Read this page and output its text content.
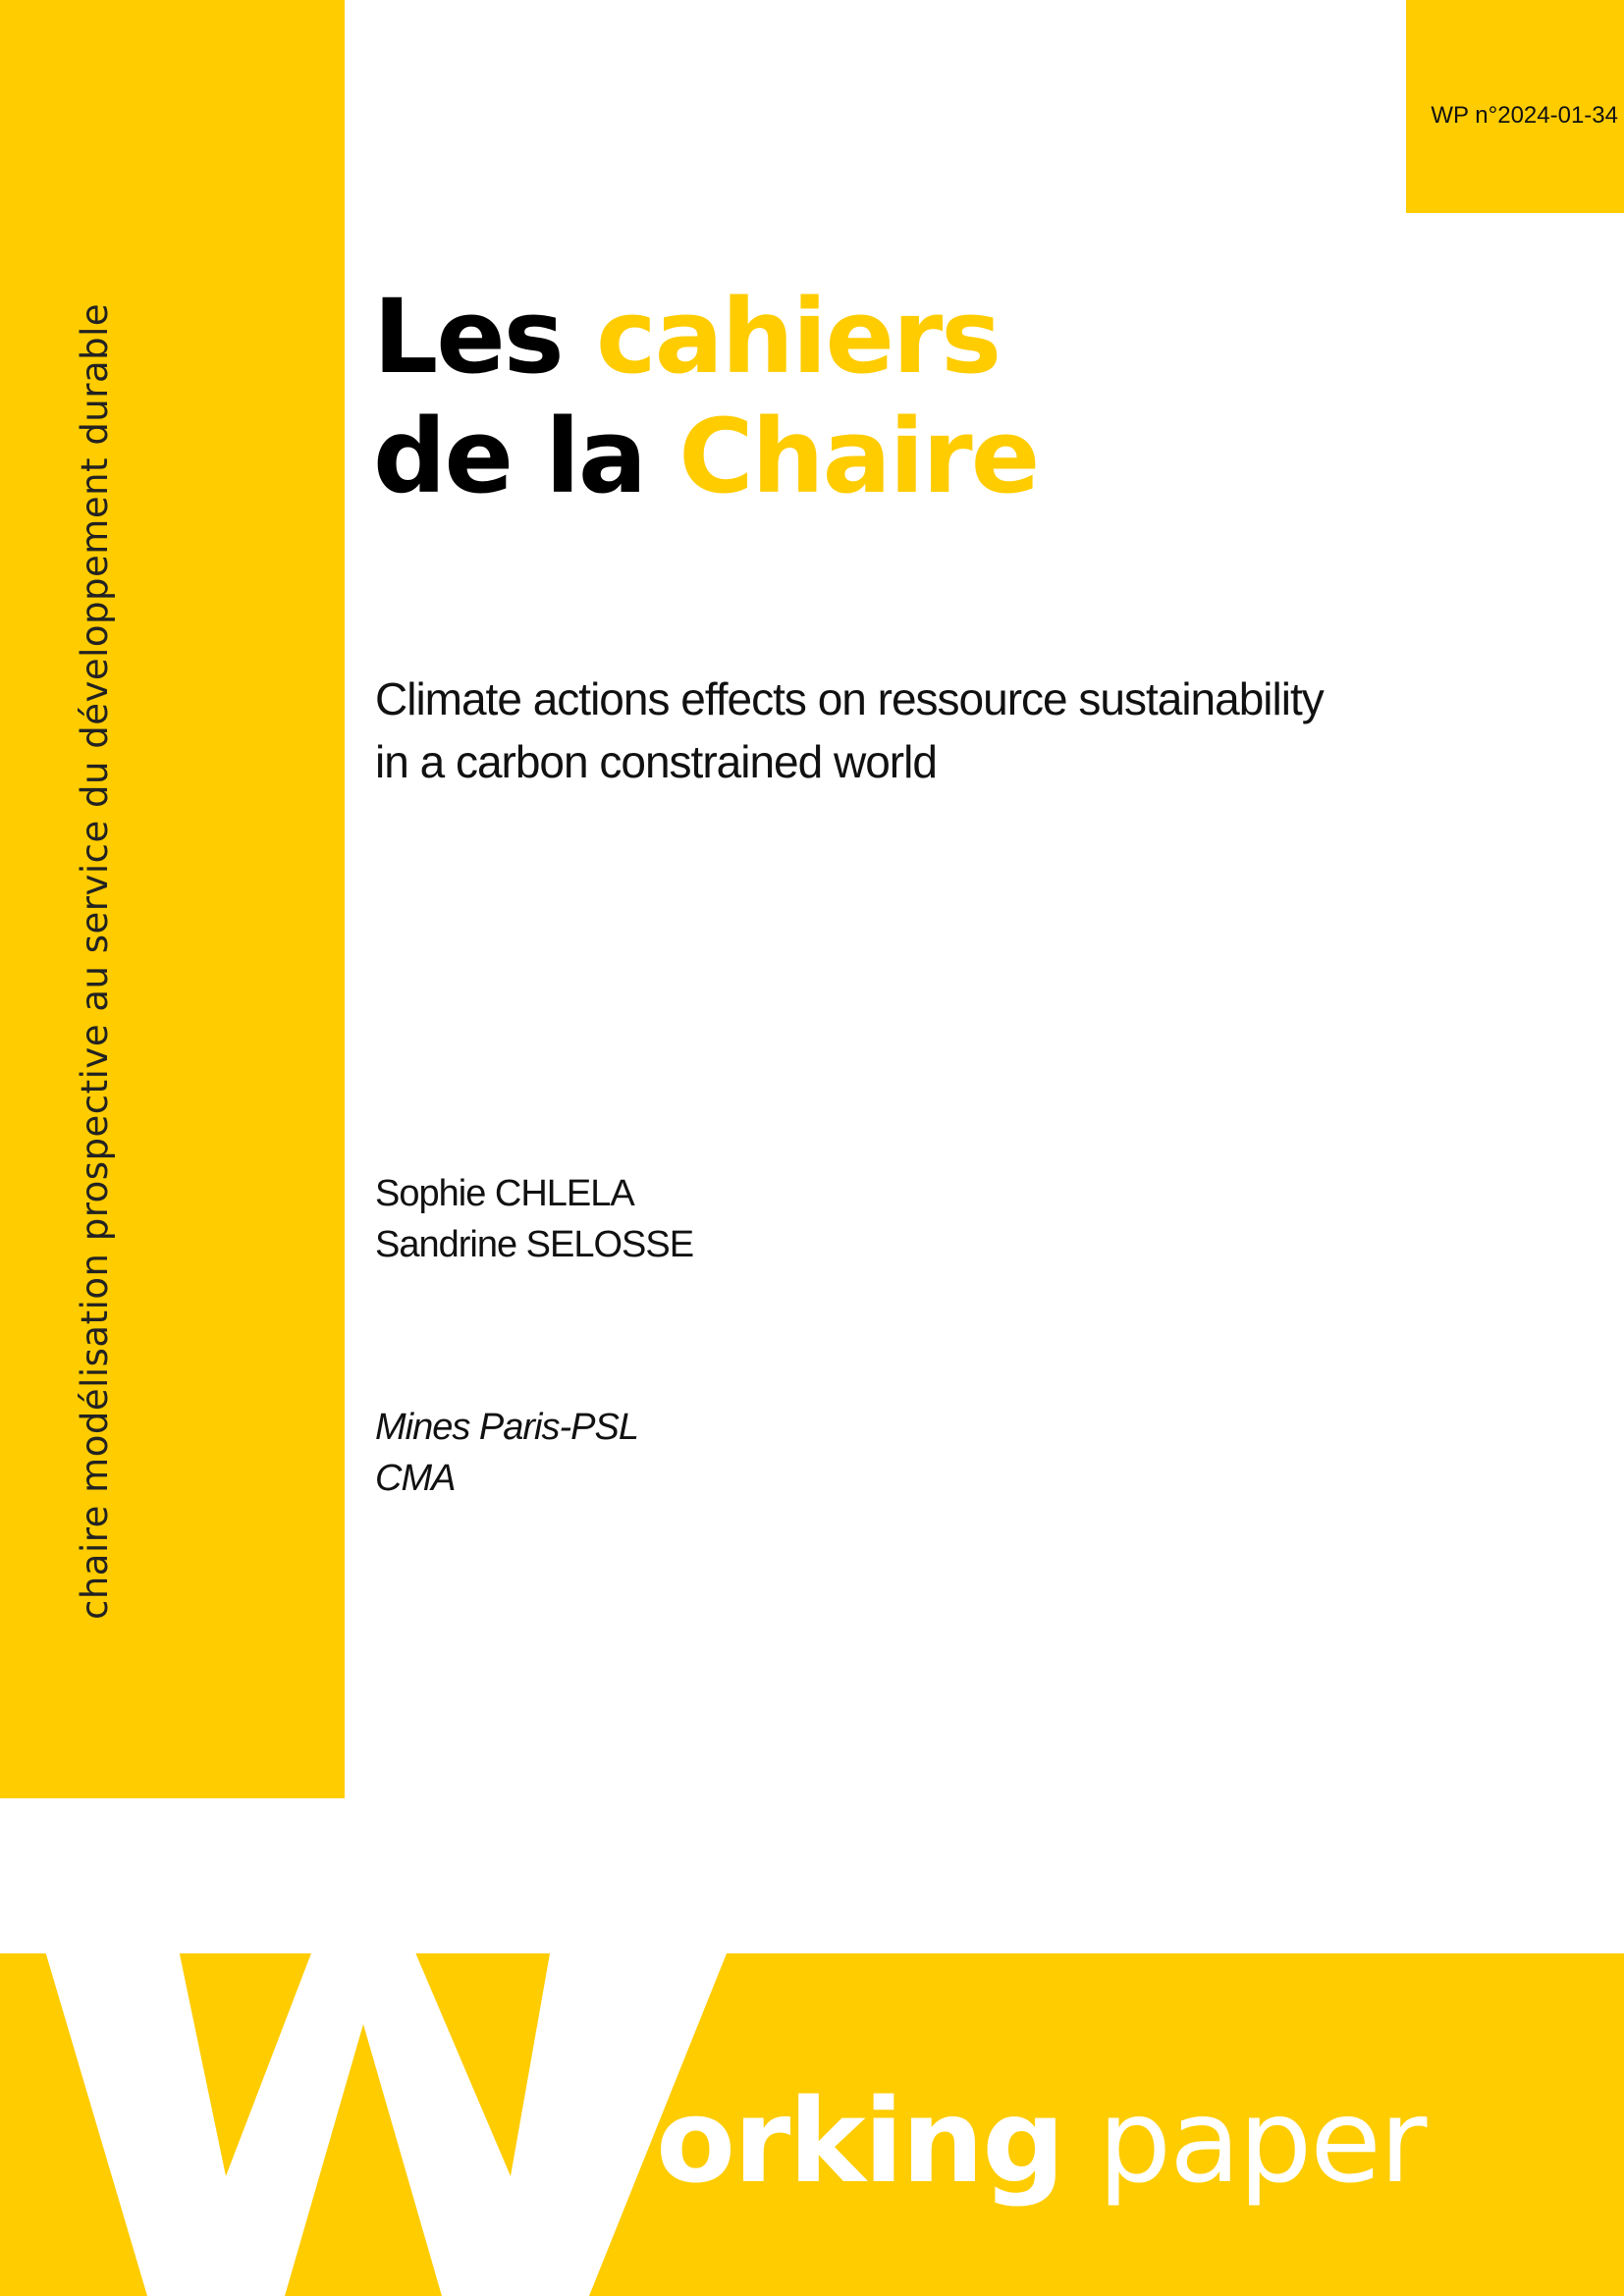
chaire modélisation prospective au service du développement durable
WP n°2024-01-34
Les cahiers
de la Chaire
Climate actions effects on ressource sustainability
in a carbon constrained world
Sophie CHLELA
Sandrine SELOSSE
Mines Paris-PSL
CMA
orking paper
